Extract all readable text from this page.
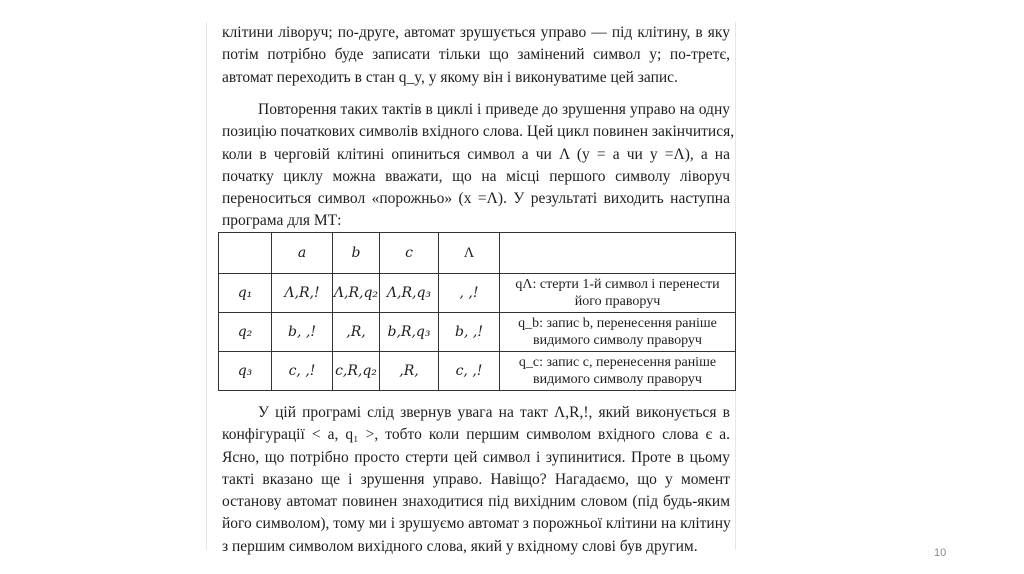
клітини ліворуч; по-друге, автомат зрушується управо — під клітину, в яку
потім потрібно буде записати тільки що замінений символ y; по-третє,
автомат переходить в стан q_y, у якому він і виконуватиме цей запис.
Повторення таких тактів в циклі і приведе до зрушення управо на одну
позицію початкових символів вхідного слова. Цей цикл повинен закінчитися,
коли в черговій клітині опиниться символ a чи Λ (y = a чи y =Λ), а на
початку циклу можна вважати, що на місці першого символу ліворуч
переноситься символ «порожньо» (x =Λ). У результаті виходить наступна
програма для МТ:
	a	b	c	Λ	
q₁	Λ,R,!	Λ,R,q₂	Λ,R,q₃	, ,!	qΛ: стерти 1-й символ і перенести
його праворуч

q₂	b, ,!	,R,	b,R,q₃	b, ,!	q_b: запис b, перенесення раніше
видимого символу праворуч

q₃	c, ,!	c,R,q₂	,R,	c, ,!	q_c: запис c, перенесення раніше
видимого символу праворуч
У цій програмі слід звернув увага на такт Λ,R,!, який виконується в
конфігурації < a, q₁ >, тобто коли першим символом вхідного слова є a.
Ясно, що потрібно просто стерти цей символ і зупинитися. Проте в цьому
такті вказано ще і зрушення управо. Навіщо? Нагадаємо, що у момент
останову автомат повинен знаходитися під вихідним словом (під будь-яким
його символом), тому ми і зрушуємо автомат з порожньої клітини на клітину
з першим символом вихідного слова, який у вхідному слові був другим.	10
